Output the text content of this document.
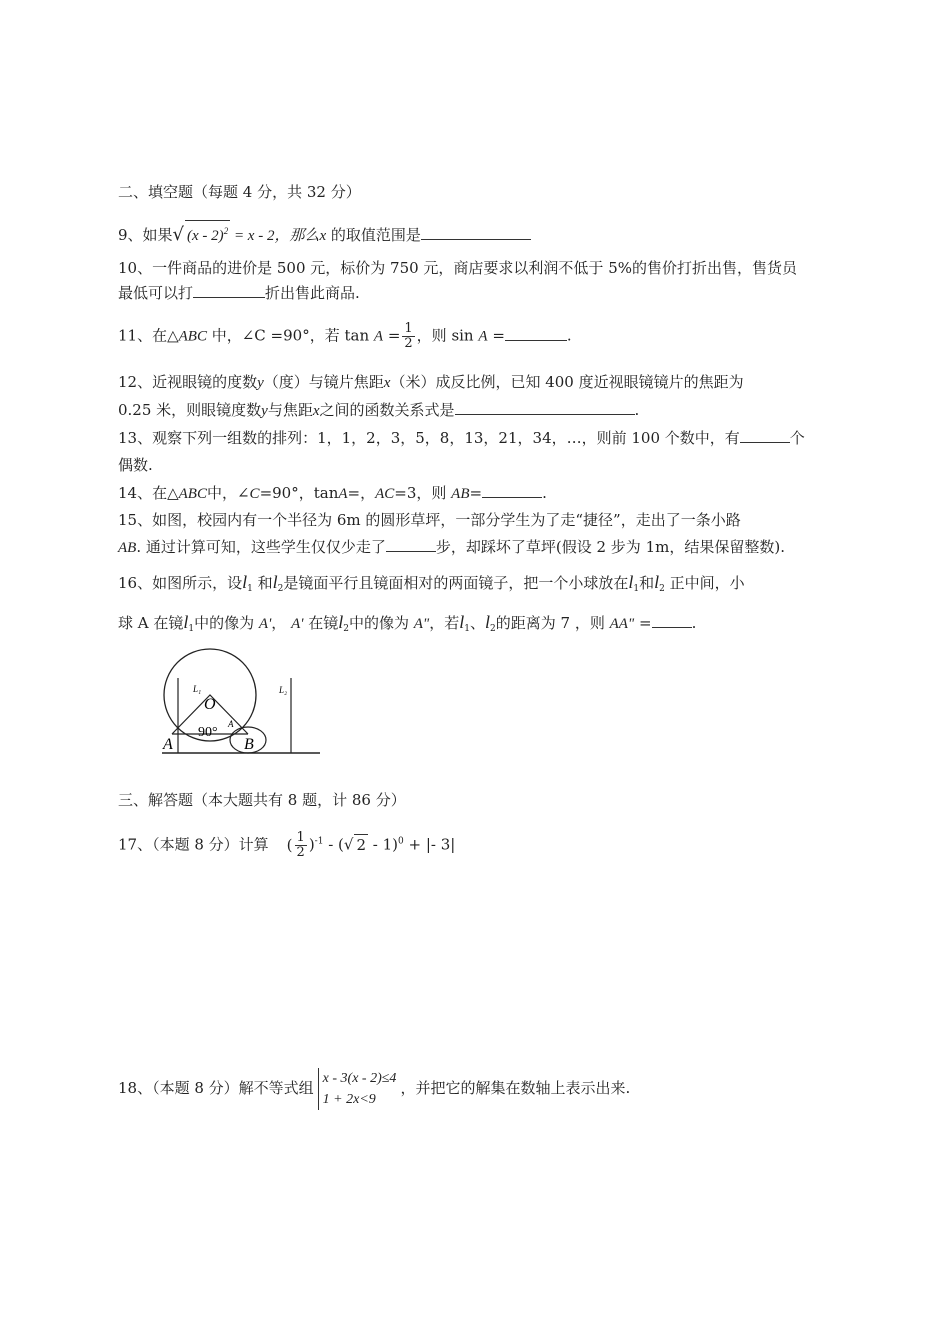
二、填空题（每题 4 分，共 32 分）
9、如果√ (x - 2)$^2$ = x - 2，那么x 的取值范围是
10、一件商品的进价是 500 元，标价为 750 元，商店要求以利润不低于 5%的售价打折出售，售货员
最低可以打	折出售此商品.
11、在△ABC 中，∠C =90°，若 $\tan A = \frac{1}{2}$ ，则 sin A =	.
12、近视眼镜的度数y（度）与镜片焦距x（米）成反比例，已知 400 度近视眼镜镜片的焦距为
0.25 米，则眼镜度数y与焦距x之间的函数关系式是	.
13、观察下列一组数的排列：1，1，2，3，5，8，13，21，34，…，则前 100 个数中，有	个
偶数.
14、在△ABC中，∠C=90°，tanA=，AC=3，则 AB=	.
15、如图，校园内有一个半径为 6m 的圆形草坪，一部分学生为了走“捷径”，走出了一条小路
AB. 通过计算可知，这些学生仅仅少走了	步，却踩坏了草坪(假设 2 步为 1m，结果保留整数).
16、如图所示，设$l_1$ 和$l_2$是镜面平行且镜面相对的两面镜子，把一个小球放在$l_1$和$l_2$ 正中间，小
球 A 在镜$l_1$中的像为 A'， A' 在镜$l_2$中的像为 A"，若$l_1$、$l_2$的距离为 7 ，则 AA" =	.
L₁	L₂
O
90°
A
A	B
三、解答题（本大题共有 8 题，计 86 分）
17、（本题 8 分）计算 ( $\frac{1}{2} )^{-1}$ - (√ 2 - 1)$^0$ + |- 3|
18、（本题 8 分）解不等式组
x - 3(x - 2)≤4
1 + 2x<9
，并把它的解集在数轴上表示出来.
